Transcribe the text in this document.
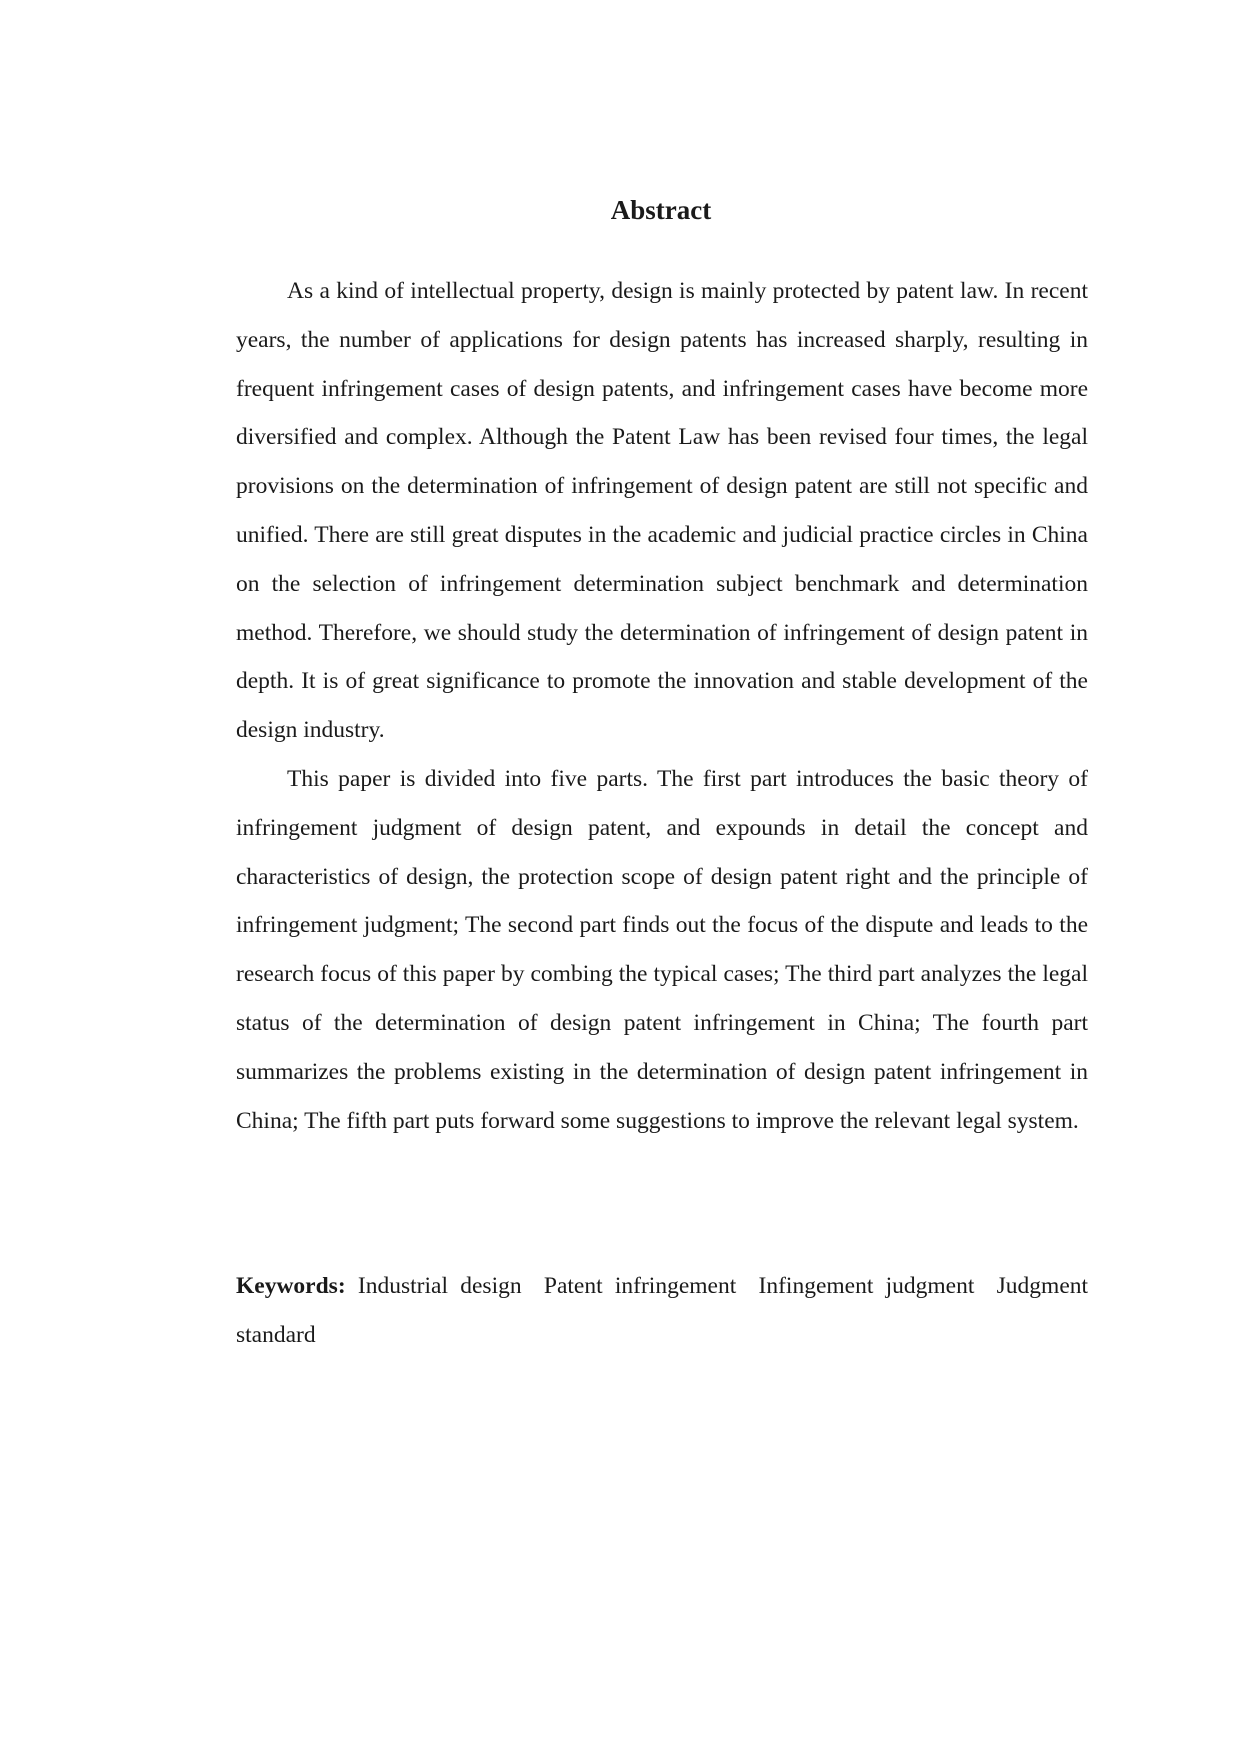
Abstract

As a kind of intellectual property, design is mainly protected by patent law. In recent years, the number of applications for design patents has increased sharply, resulting in frequent infringement cases of design patents, and infringement cases have become more diversified and complex. Although the Patent Law has been revised four times, the legal provisions on the determination of infringement of design patent are still not specific and unified. There are still great disputes in the academic and judicial practice circles in China on the selection of infringement determination subject benchmark and determination method. Therefore, we should study the determination of infringement of design patent in depth. It is of great significance to promote the innovation and stable development of the design industry.

This paper is divided into five parts. The first part introduces the basic theory of infringement judgment of design patent, and expounds in detail the concept and characteristics of design, the protection scope of design patent right and the principle of infringement judgment; The second part finds out the focus of the dispute and leads to the research focus of this paper by combing the typical cases; The third part analyzes the legal status of the determination of design patent infringement in China; The fourth part summarizes the problems existing in the determination of design patent infringement in China; The fifth part puts forward some suggestions to improve the relevant legal system.

Keywords: Industrial design Patent infringement Infingement judgment Judgment standard
